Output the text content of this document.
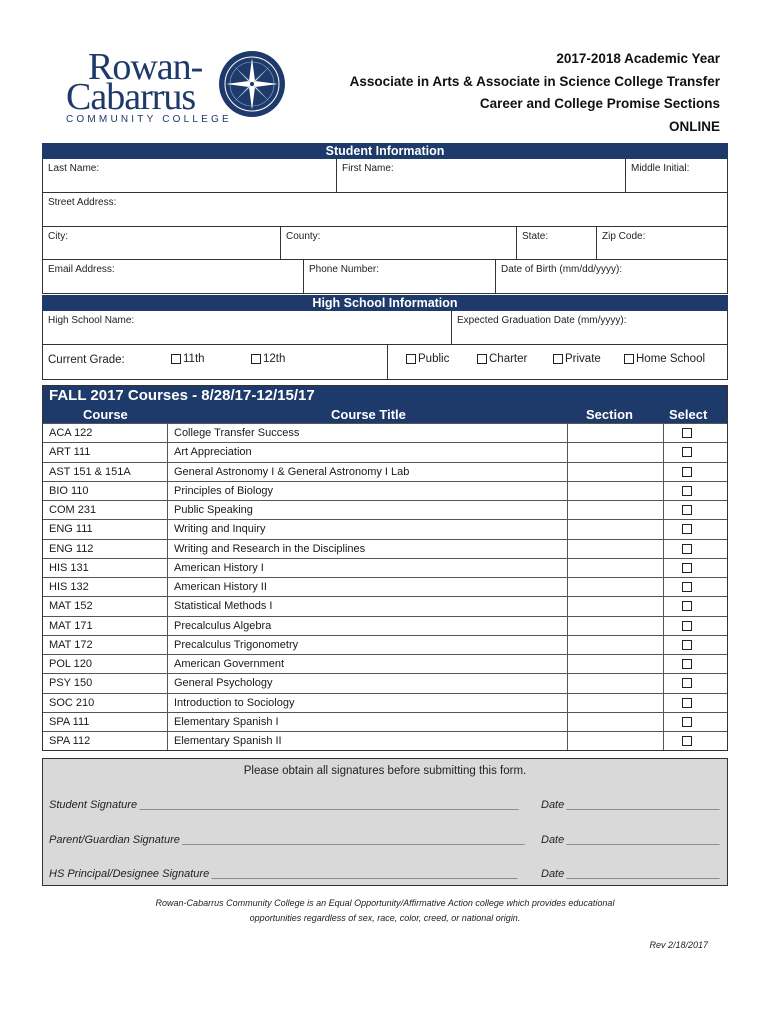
Rowan-
Cabarrus
COMMUNITY COLLEGE
2017-2018 Academic Year
Associate in Arts & Associate in Science College Transfer
Career and College Promise Sections
ONLINE
Student Information
Last Name:	First Name:	Middle Initial:
Street Address:
City:	County:	State:	Zip Code:
Email Address:	Phone Number:	Date of Birth (mm/dd/yyyy):
High School Information
High School Name:	Expected Graduation Date (mm/yyyy):
Current Grade:	11th	12th	Public	Charter	Private	Home School
FALL 2017 Courses - 8/28/17-12/15/17
Course	Course Title	Section	Select
ACA 122	College Transfer Success
ART 111	Art Appreciation
AST 151 & 151A	General Astronomy I & General Astronomy I Lab
BIO 110	Principles of Biology
COM 231	Public Speaking
ENG 111	Writing and Inquiry
ENG 112	Writing and Research in the Disciplines
HIS 131	American History I
HIS 132	American History II
MAT 152	Statistical Methods I
MAT 171	Precalculus Algebra
MAT 172	Precalculus Trigonometry
POL 120	American Government
PSY 150	General Psychology
SOC 210	Introduction to Sociology
SPA 111	Elementary Spanish I
SPA 112	Elementary Spanish II
Please obtain all signatures before submitting this form.
Student Signature ______________________________________________________________ Date _________________________
Parent/Guardian Signature ________________________________________________________ Date _________________________
HS Principal/Designee Signature __________________________________________________ Date _________________________
Rowan-Cabarrus Community College is an Equal Opportunity/Affirmative Action college which provides educational
opportunities regardless of sex, race, color, creed, or national origin.
Rev 2/18/2017
